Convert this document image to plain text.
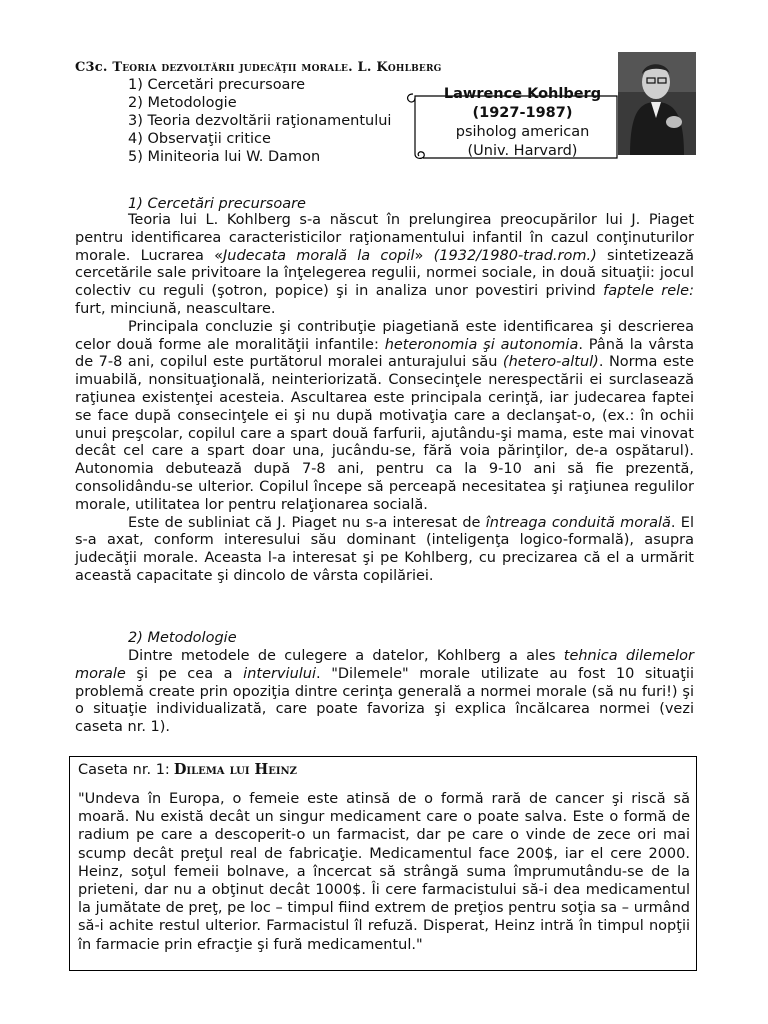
C3c. Teoria dezvoltării judecăţii morale. L. Kohlberg
1) Cercetări precursoare
2) Metodologie
3) Teoria dezvoltării raţionamentului
4) Observaţii critice
5) Miniteoria lui W. Damon
Lawrence Kohlberg
(1927-1987)
psiholog american
(Univ. Harvard)
1) Cercetări precursoare

Teoria lui L. Kohlberg s-a născut în prelungirea preocupărilor lui J. Piaget pentru identificarea caracteristicilor raţionamentului infantil în cazul conţinuturilor morale. Lucrarea «Judecata morală la copil» (1932/1980-trad.rom.) sintetizează cercetările sale privitoare la înţelegerea regulii, normei sociale, in două situaţii: jocul colectiv cu reguli (şotron, popice) şi in analiza unor povestiri privind faptele rele: furt, minciună, neascultare.

Principala concluzie şi contribuţie piagetiană este identificarea şi descrierea celor două forme ale moralităţii infantile: heteronomia şi autonomia. Până la vârsta de 7-8 ani, copilul este purtătorul moralei anturajului său (hetero-altul). Norma este imuabilă, nonsituaţională, neinteriorizată. Consecinţele nerespectării ei surclasează raţiunea existenţei acesteia. Ascultarea este principala cerinţă, iar judecarea faptei se face după consecinţele ei şi nu după motivaţia care a declanşat-o, (ex.: în ochii unui preşcolar, copilul care a spart două farfurii, ajutându-şi mama, este mai vinovat decât cel care a spart doar una, jucându-se, fără voia părinţilor, de-a ospătarul). Autonomia debutează după 7-8 ani, pentru ca la 9-10 ani să fie prezentă, consolidându-se ulterior. Copilul începe să perceapă necesitatea şi raţiunea regulilor morale, utilitatea lor pentru relaţionarea socială.

Este de subliniat că J. Piaget nu s-a interesat de întreaga conduită morală. El s-a axat, conform interesului său dominant (inteligenţa logico-formală), asupra judecăţii morale. Aceasta l-a interesat şi pe Kohlberg, cu precizarea că el a urmărit această capacitate şi dincolo de vârsta copilăriei.

2) Metodologie

Dintre metodele de culegere a datelor, Kohlberg a ales tehnica dilemelor morale şi pe cea a interviului. "Dilemele" morale utilizate au fost 10 situaţii problemă create prin opoziţia dintre cerinţa generală a normei morale (să nu furi!) şi o situaţie individualizată, care poate favoriza şi explica încălcarea normei (vezi caseta nr. 1).

Caseta nr. 1: Dilema lui Heinz
"Undeva în Europa, o femeie este atinsă de o formă rară de cancer şi riscă să moară. Nu există decât un singur medicament care o poate salva. Este o formă de radium pe care a descoperit-o un farmacist, dar pe care o vinde de zece ori mai scump decât preţul real de fabricaţie. Medicamentul face 200$, iar el cere 2000. Heinz, soţul femeii bolnave, a încercat să strângă suma împrumutându-se de la prieteni, dar nu a obţinut decât 1000$. Îi cere farmacistului să-i dea medicamentul la jumătate de preţ, pe loc – timpul fiind extrem de preţios pentru soţia sa – urmând să-i achite restul ulterior. Farmacistul îl refuză. Disperat, Heinz intră în timpul nopţii în farmacie prin efracţie şi fură medicamentul."
